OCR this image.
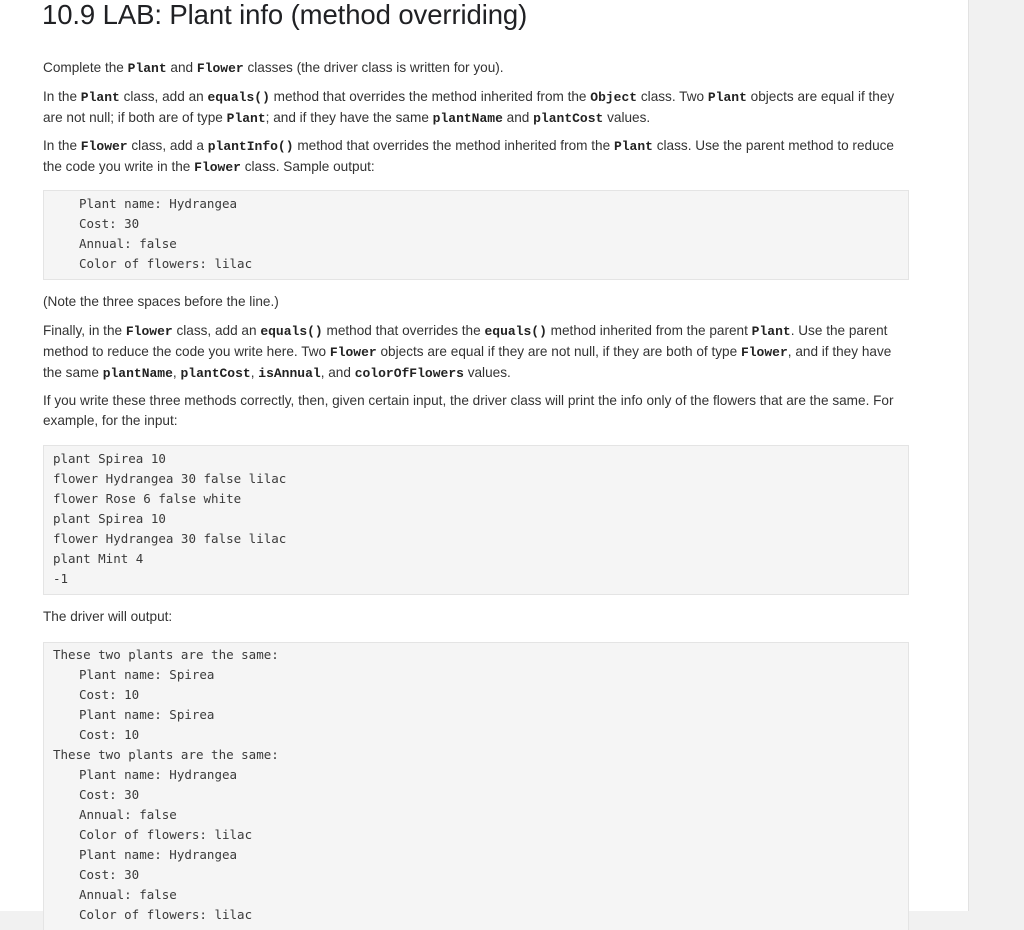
10.9 LAB: Plant info (method overriding)

Complete the Plant and Flower classes (the driver class is written for you).

In the Plant class, add an equals() method that overrides the method inherited from the Object class. Two Plant objects are equal if they are not null; if both are of type Plant; and if they have the same plantName and plantCost values.

In the Flower class, add a plantInfo() method that overrides the method inherited from the Plant class. Use the parent method to reduce the code you write in the Flower class. Sample output:

Plant name: Hydrangea
Cost: 30
Annual: false
Color of flowers: lilac

(Note the three spaces before the line.)

Finally, in the Flower class, add an equals() method that overrides the equals() method inherited from the parent Plant. Use the parent method to reduce the code you write here. Two Flower objects are equal if they are not null, if they are both of type Flower, and if they have the same plantName, plantCost, isAnnual, and colorOfFlowers values.

If you write these three methods correctly, then, given certain input, the driver class will print the info only of the flowers that are the same. For example, for the input:

plant Spirea 10
flower Hydrangea 30 false lilac
flower Rose 6 false white
plant Spirea 10
flower Hydrangea 30 false lilac
plant Mint 4
-1

The driver will output:

These two plants are the same:
Plant name: Spirea
Cost: 10
Plant name: Spirea
Cost: 10
These two plants are the same:
Plant name: Hydrangea
Cost: 30
Annual: false
Color of flowers: lilac
Plant name: Hydrangea
Cost: 30
Annual: false
Color of flowers: lilac
